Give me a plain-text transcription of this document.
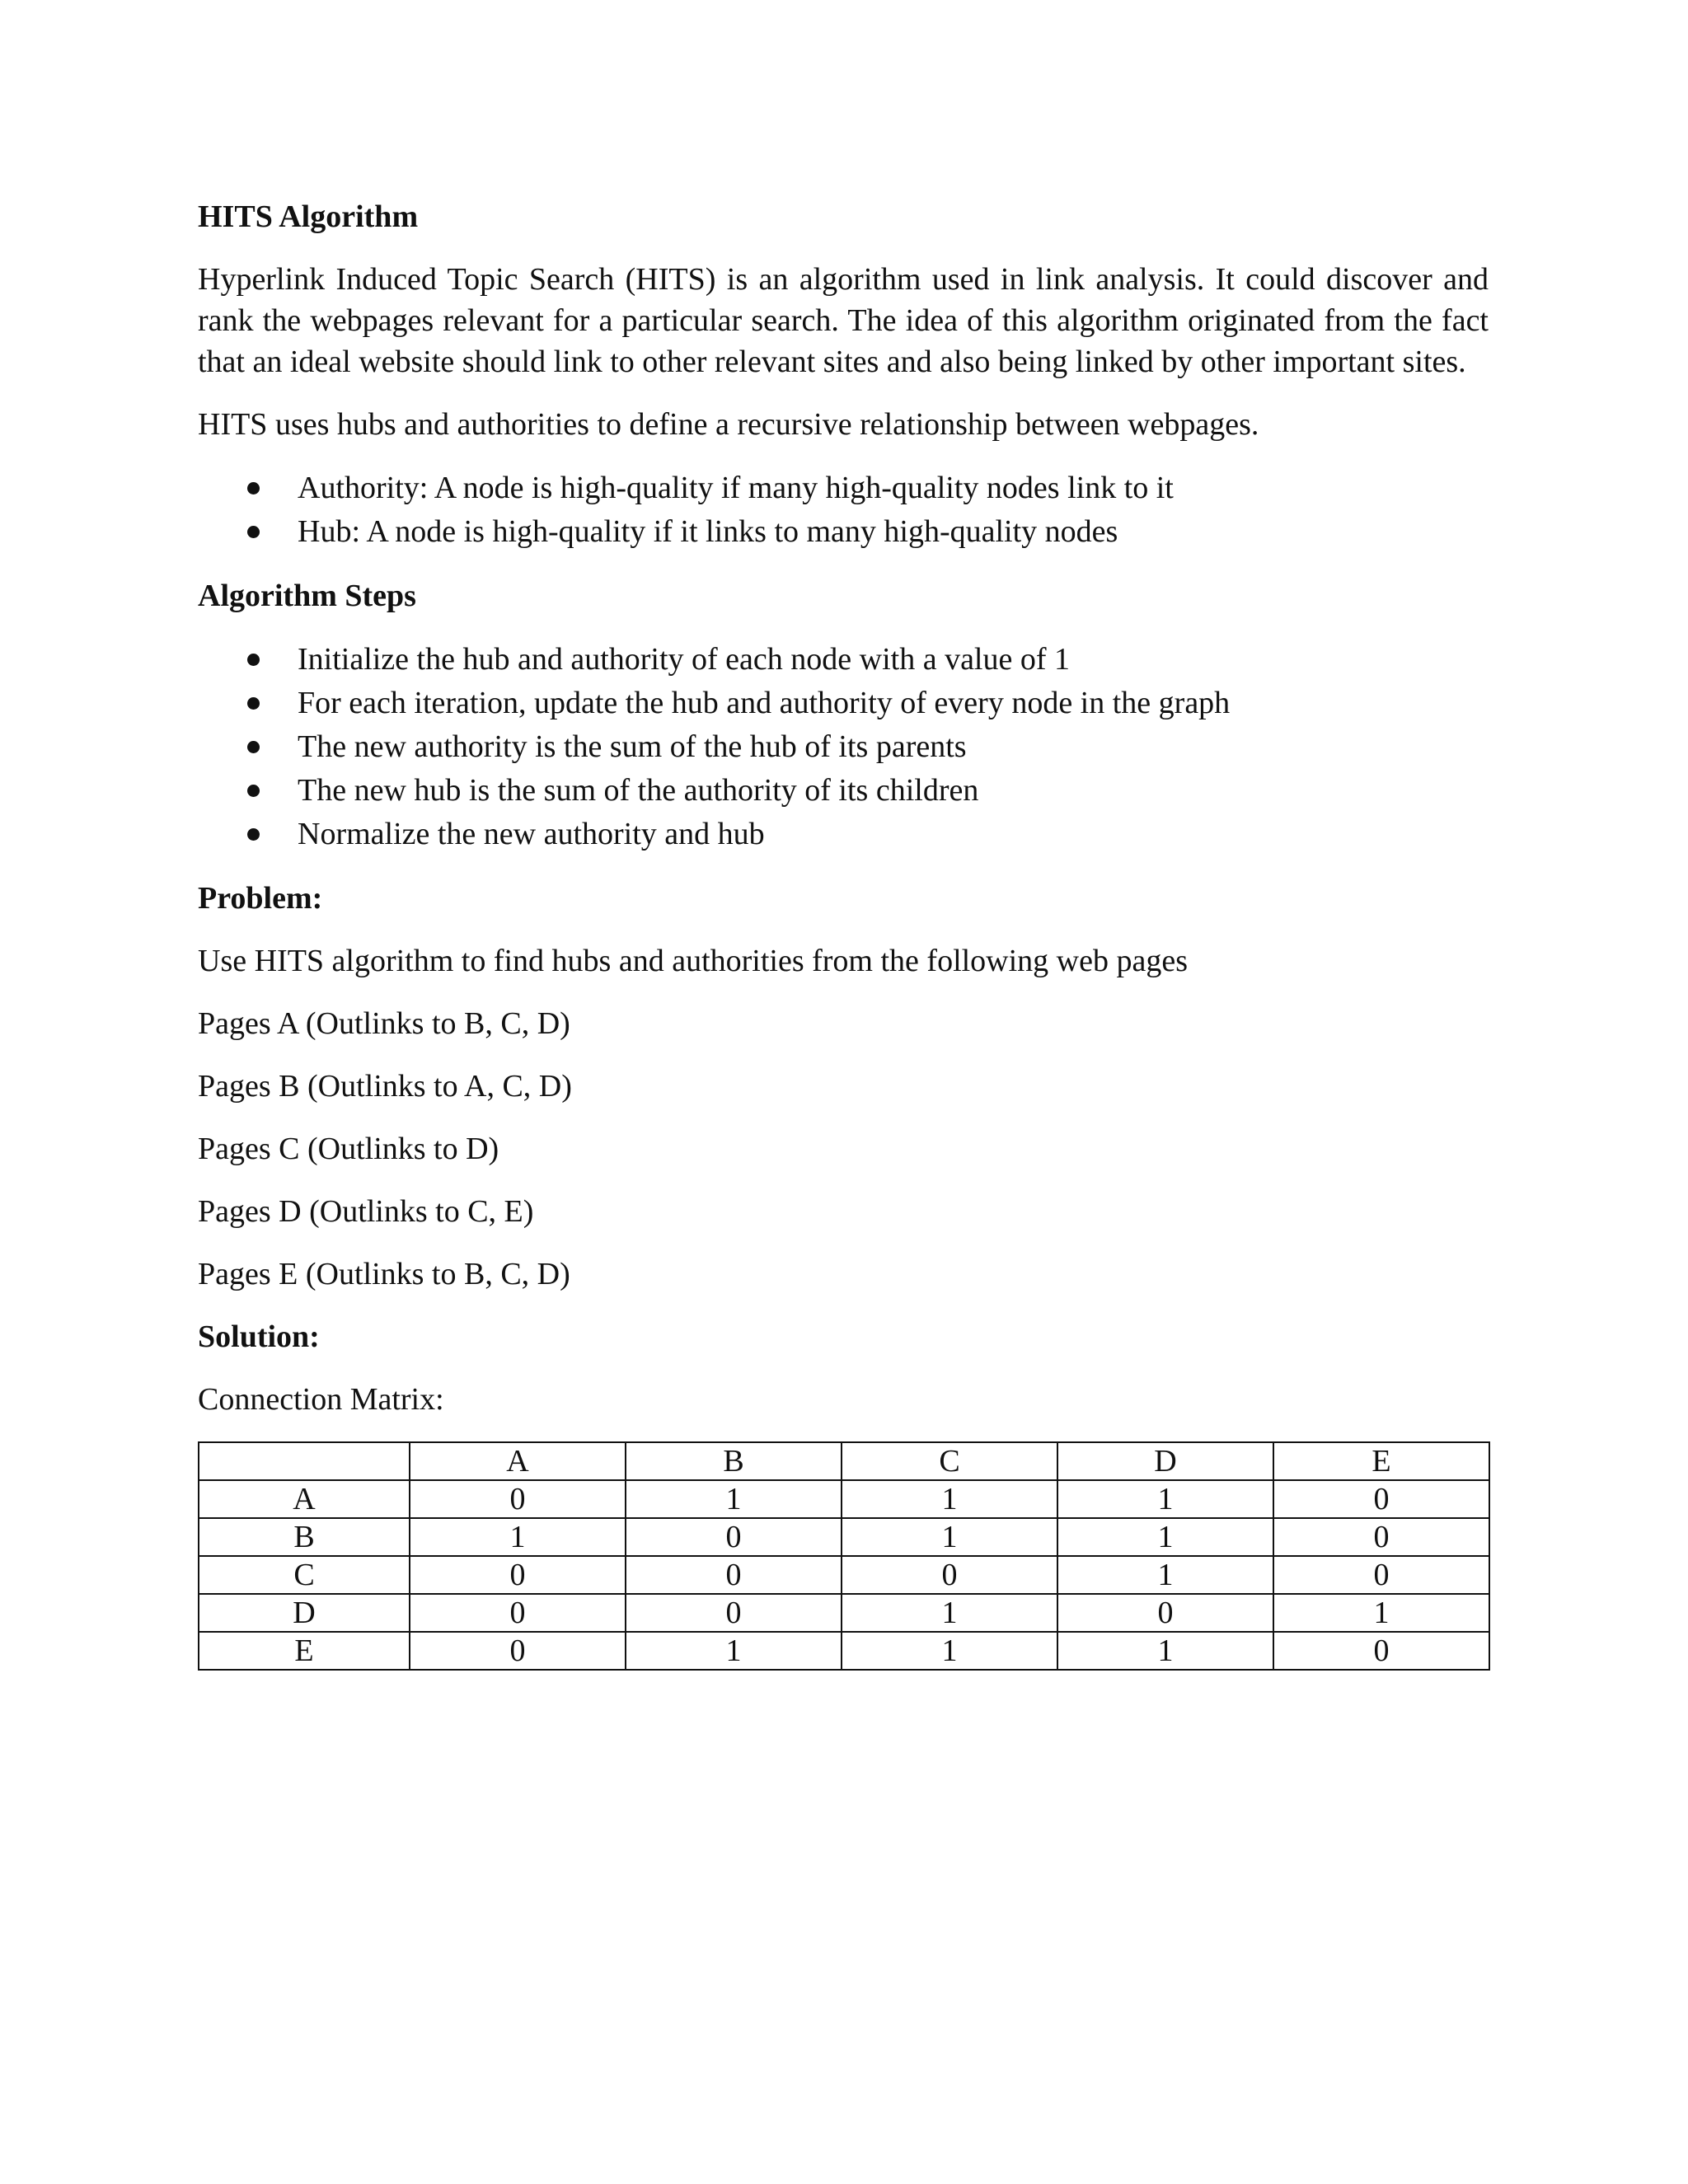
HITS Algorithm

Hyperlink Induced Topic Search (HITS) is an algorithm used in link analysis. It could discover and rank the webpages relevant for a particular search. The idea of this algorithm originated from the fact that an ideal website should link to other relevant sites and also being linked by other important sites.

HITS uses hubs and authorities to define a recursive relationship between webpages.

Authority: A node is high-quality if many high-quality nodes link to it
Hub: A node is high-quality if it links to many high-quality nodes

Algorithm Steps

Initialize the hub and authority of each node with a value of 1
For each iteration, update the hub and authority of every node in the graph
The new authority is the sum of the hub of its parents
The new hub is the sum of the authority of its children
Normalize the new authority and hub

Problem:

Use HITS algorithm to find hubs and authorities from the following web pages

Pages A (Outlinks to B, C, D)

Pages B (Outlinks to A, C, D)

Pages C (Outlinks to D)

Pages D (Outlinks to C, E)

Pages E (Outlinks to B, C, D)

Solution:

Connection Matrix:

	A	B	C	D	E
A	0	1	1	1	0
B	1	0	1	1	0
C	0	0	0	1	0
D	0	0	1	0	1
E	0	1	1	1	0
